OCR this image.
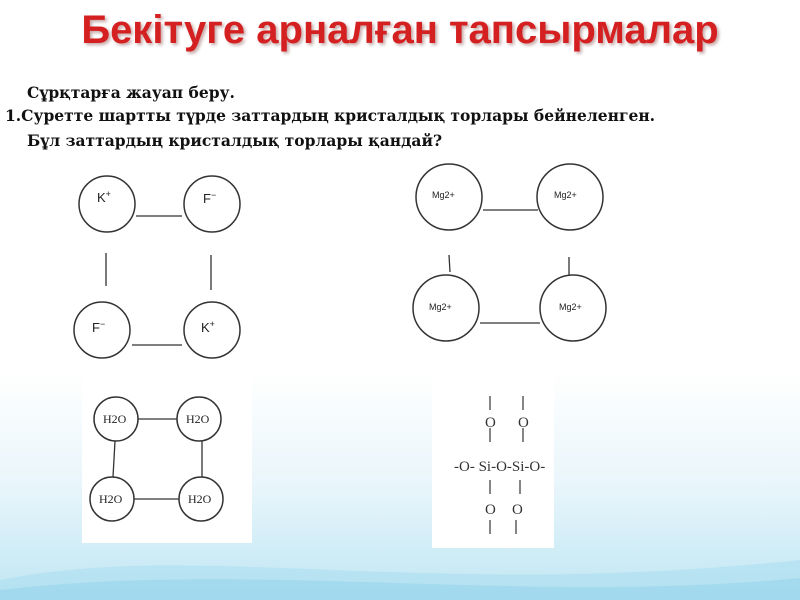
Бекітуге арналған тапсырмалар
Сұрқтарға жауап беру.
1.Суретте шартты түрде заттардың кристалдық торлары бейнеленген.
Бұл заттардың кристалдық торлары қандай?
K+	F−
F−	K+
Mg2+	Mg2+
Mg2+	Mg2+
H2O	H2O
H2O	H2O
O O
-O- Si-O-Si-O-
O O
